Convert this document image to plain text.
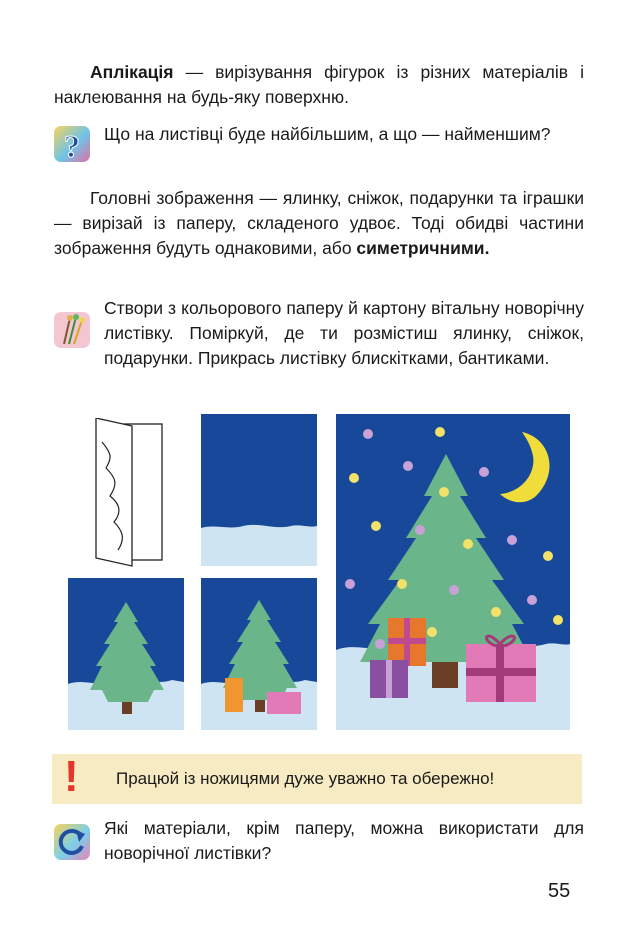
Аплікація — вирізування фігурок із різних матеріалів і наклеювання на будь-яку поверхню.
? Що на листівці буде найбільшим, а що — найменшим?
Головні зображення — ялинку, сніжок, подарунки та іграшки — вирізай із паперу, складеного удвоє. Тоді обидві частини зображення будуть однаковими, або симетричними.
Створи з кольорового паперу й картону вітальну новорічну листівку. Поміркуй, де ти розмістиш ялинку, сніжок, подарунки. Прикрась листівку блискітками, бантиками.
! Працюй із ножицями дуже уважно та обережно!
Які матеріали, крім паперу, можна використати для новорічної листівки?
55
